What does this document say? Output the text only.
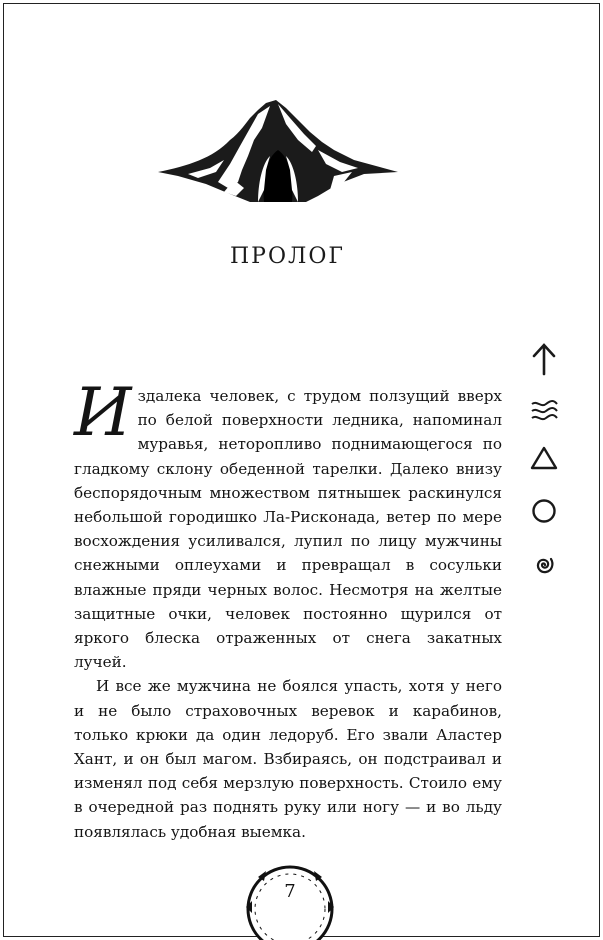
ПРОЛОГ

Издалека человек, с трудом ползущий вверх по белой поверхности ледника, напоминал муравья, неторопливо поднимающегося по гладкому склону обеденной тарелки. Далеко внизу беспорядочным множеством пятнышек раскинулся небольшой городишко Ла-Рисконада, ветер по мере восхождения усиливался, лупил по лицу мужчины снежными оплеухами и превращал в сосульки влажные пряди черных волос. Несмотря на желтые защитные очки, человек постоянно щурился от яркого блеска отраженных от снега закатных лучей.

И все же мужчина не боялся упасть, хотя у него и не было страховочных веревок и карабинов, только крюки да один ледоруб. Его звали Аластер Хант, и он был магом. Взбираясь, он подстраивал и изменял под себя мерзлую поверхность. Стоило ему в очередной раз поднять руку или ногу — и во льду появлялась удобная выемка.

7
